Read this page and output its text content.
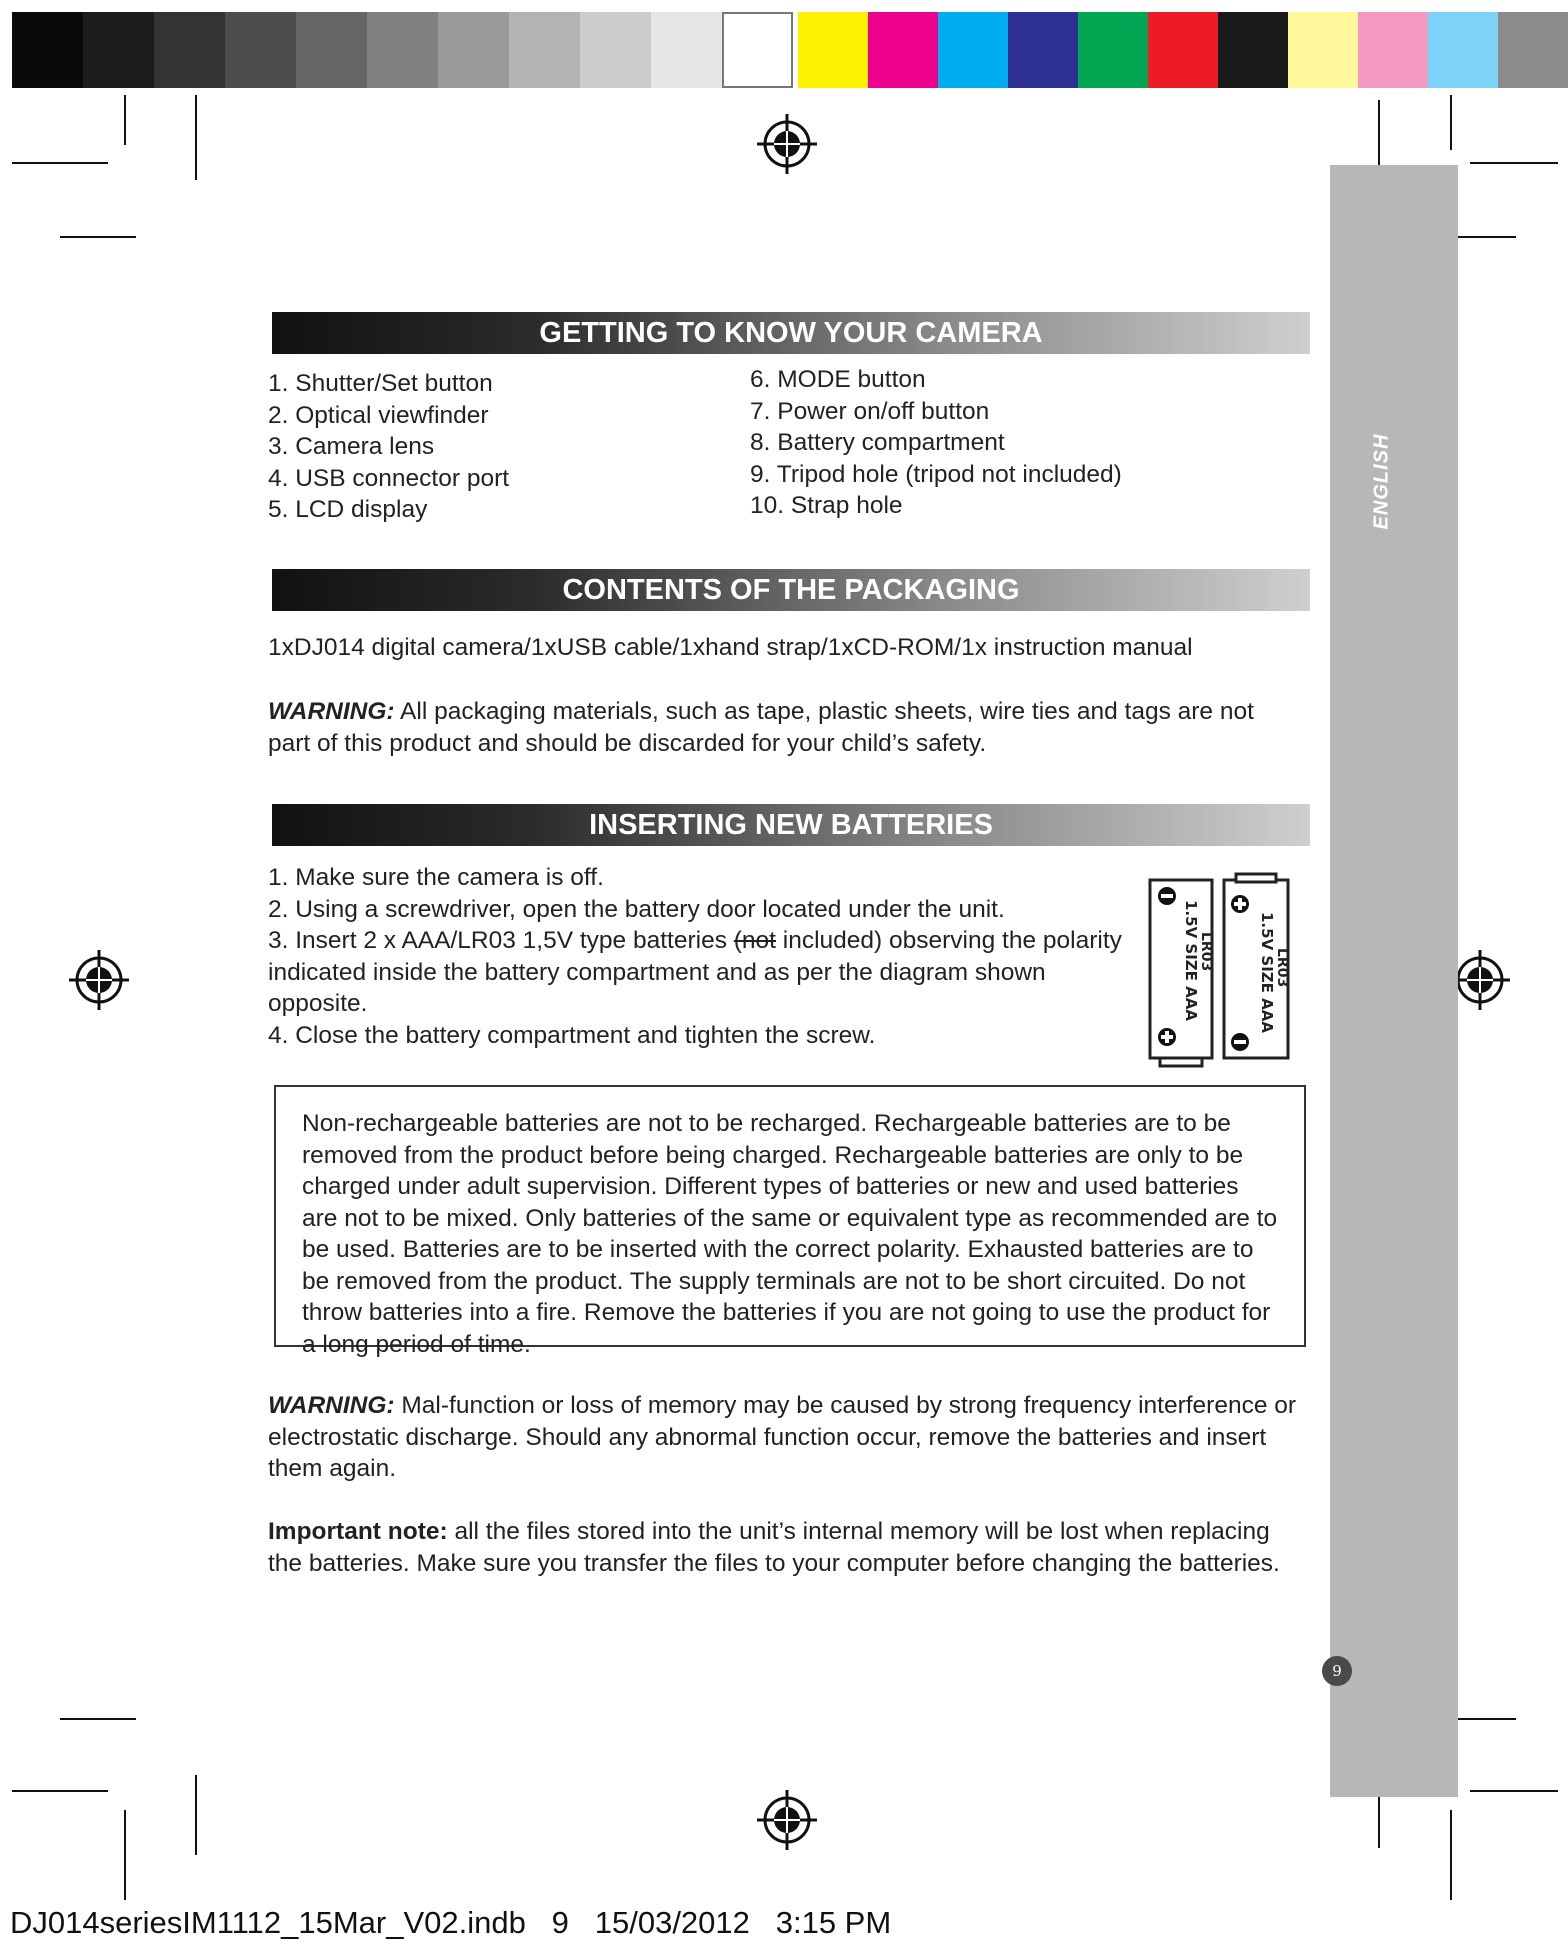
ENGLISH
9
GETTING TO KNOW YOUR CAMERA
1. Shutter/Set button
2. Optical viewfinder
3. Camera lens
4. USB connector port
5. LCD display
6. MODE button
7. Power on/off button
8. Battery compartment
9. Tripod hole (tripod not included)
10. Strap hole
CONTENTS OF THE PACKAGING
1xDJ014 digital camera/1xUSB cable/1xhand strap/1xCD-ROM/1x instruction manual
WARNING: All packaging materials, such as tape, plastic sheets, wire ties and tags are not part of this product and should be discarded for your child’s safety.
INSERTING NEW BATTERIES
1. Make sure the camera is off.
2. Using a screwdriver, open the battery door located under the unit.
3. Insert 2 x AAA/LR03 1,5V type batteries (not included) observing the polarity indicated inside the battery compartment and as per the diagram shown opposite.
4. Close the battery compartment and tighten the screw.
1.5V SIZE AAA
LR03	1.5V SIZE AAA
LR03
Non-rechargeable batteries are not to be recharged. Rechargeable batteries are to be removed from the product before being charged. Rechargeable batteries are only to be charged under adult supervision. Different types of batteries or new and used batteries are not to be mixed. Only batteries of the same or equivalent type as recommended are to be used. Batteries are to be inserted with the correct polarity. Exhausted batteries are to be removed from the product. The supply terminals are not to be short circuited. Do not throw batteries into a fire. Remove the batteries if you are not going to use the product for a long period of time.
WARNING: Mal-function or loss of memory may be caused by strong frequency interference or electrostatic discharge. Should any abnormal function occur, remove the batteries and insert them again.
Important note: all the files stored into the unit’s internal memory will be lost when replacing the batteries. Make sure you transfer the files to your computer before changing the batteries.
DJ014seriesIM1112_15Mar_V02.indb   9   15/03/2012   3:15 PM
